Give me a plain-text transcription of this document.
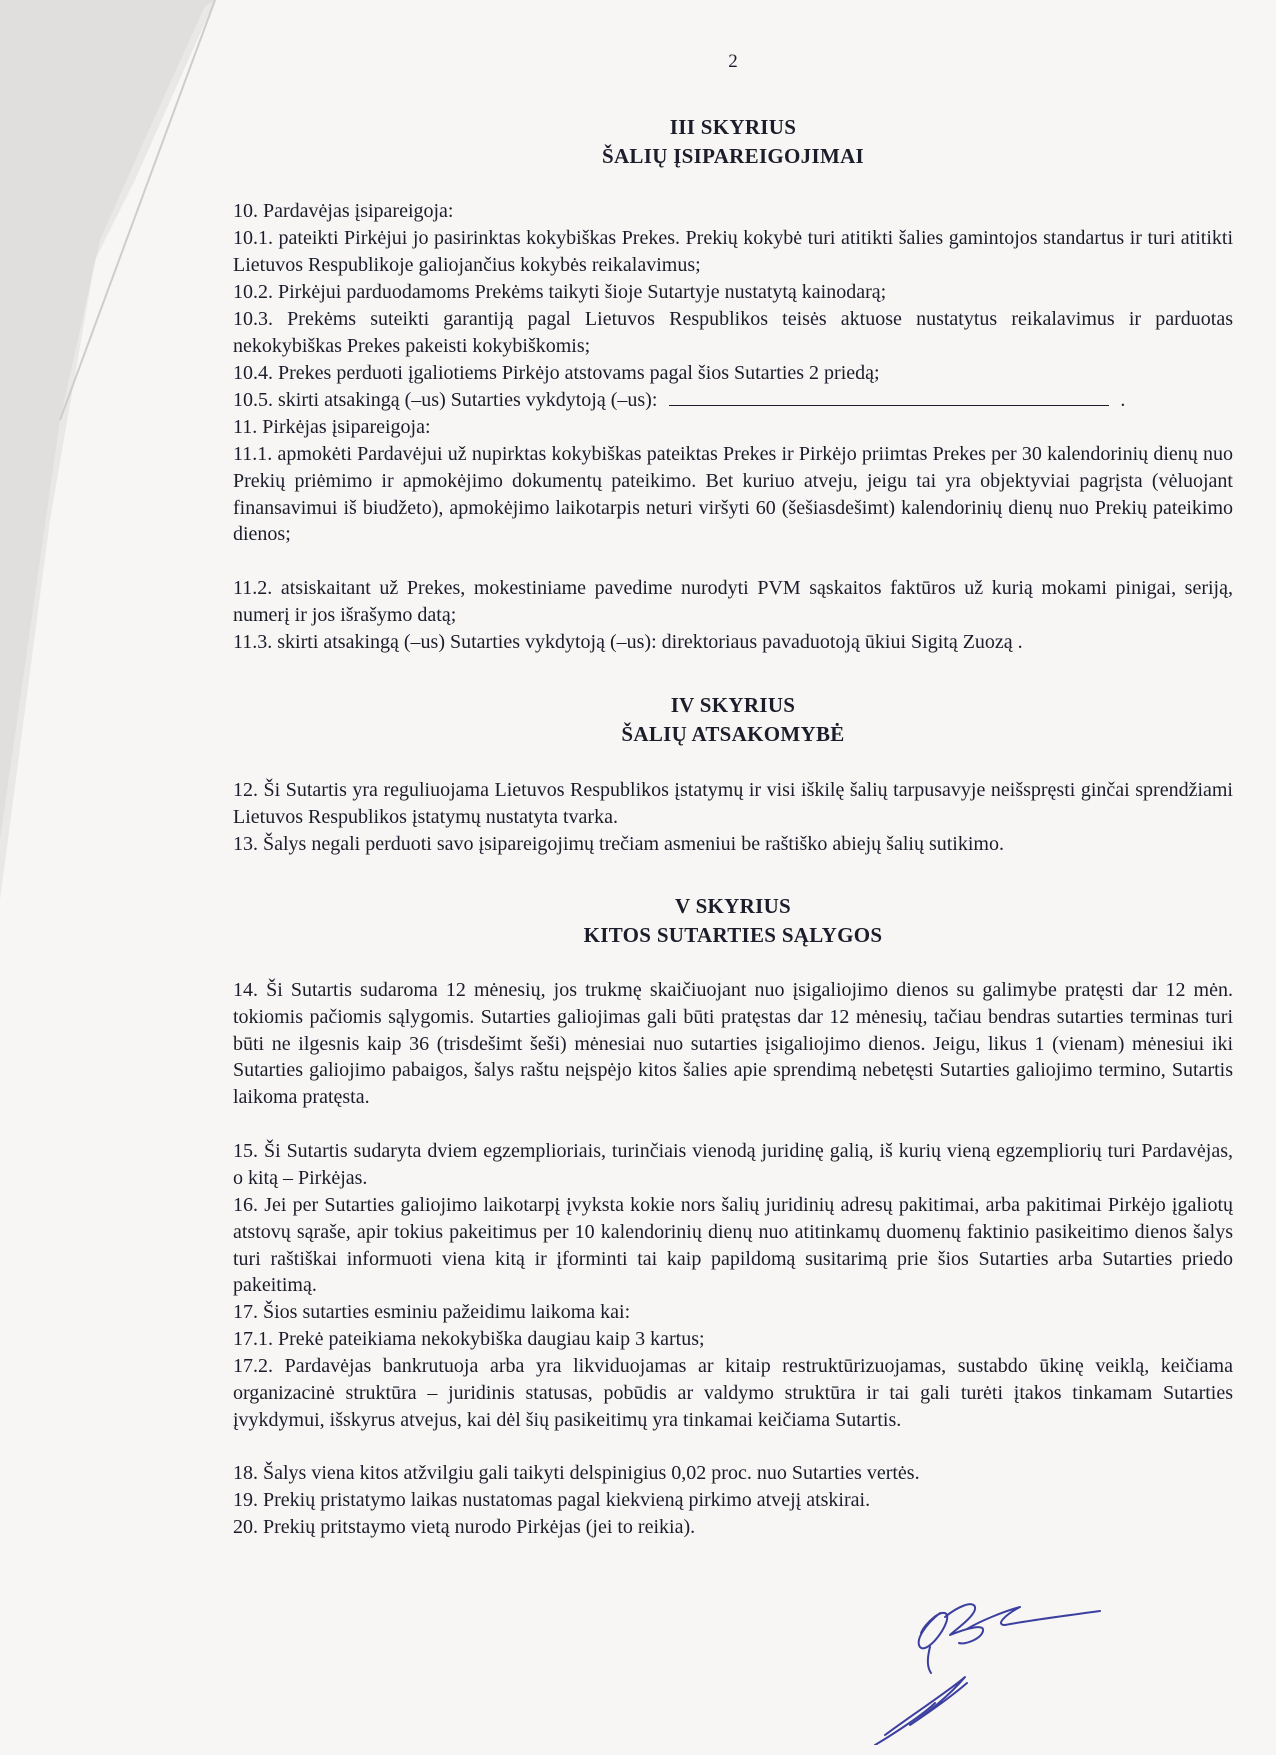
2
III SKYRIUS
ŠALIŲ ĮSIPAREIGOJIMAI
10. Pardavėjas įsipareigoja:
10.1. pateikti Pirkėjui jo pasirinktas kokybiškas Prekes. Prekių kokybė turi atitikti šalies gamintojos standartus ir turi atitikti Lietuvos Respublikoje galiojančius kokybės reikalavimus;
10.2. Pirkėjui parduodamoms Prekėms taikyti šioje Sutartyje nustatytą kainodarą;
10.3. Prekėms suteikti garantiją pagal Lietuvos Respublikos teisės aktuose nustatytus reikalavimus ir parduotas nekokybiškas Prekes pakeisti kokybiškomis;
10.4. Prekes perduoti įgaliotiems Pirkėjo atstovams pagal šios Sutarties 2 priedą;
10.5. skirti atsakingą (–us) Sutarties vykdytoją (–us):	.
11. Pirkėjas įsipareigoja:
11.1. apmokėti Pardavėjui už nupirktas kokybiškas pateiktas Prekes ir Pirkėjo priimtas Prekes per 30 kalendorinių dienų nuo Prekių priėmimo ir apmokėjimo dokumentų pateikimo. Bet kuriuo atveju, jeigu tai yra objektyviai pagrįsta (vėluojant finansavimui iš biudžeto), apmokėjimo laikotarpis neturi viršyti 60 (šešiasdešimt) kalendorinių dienų nuo Prekių pateikimo dienos;
11.2. atsiskaitant už Prekes, mokestiniame pavedime nurodyti PVM sąskaitos faktūros už kurią mokami pinigai, seriją, numerį ir jos išrašymo datą;
11.3. skirti atsakingą (–us) Sutarties vykdytoją (–us): direktoriaus pavaduotoją ūkiui Sigitą Zuozą .
IV SKYRIUS
ŠALIŲ ATSAKOMYBĖ
12. Ši Sutartis yra reguliuojama Lietuvos Respublikos įstatymų ir visi iškilę šalių tarpusavyje neišspręsti ginčai sprendžiami Lietuvos Respublikos įstatymų nustatyta tvarka.
13. Šalys negali perduoti savo įsipareigojimų trečiam asmeniui be raštiško abiejų šalių sutikimo.
V SKYRIUS
KITOS SUTARTIES SĄLYGOS
14. Ši Sutartis sudaroma 12 mėnesių, jos trukmę skaičiuojant nuo įsigaliojimo dienos su galimybe pratęsti dar 12 mėn. tokiomis pačiomis sąlygomis. Sutarties galiojimas gali būti pratęstas dar 12 mėnesių, tačiau bendras sutarties terminas turi būti ne ilgesnis kaip 36 (trisdešimt šeši) mėnesiai nuo sutarties įsigaliojimo dienos. Jeigu, likus 1 (vienam) mėnesiui iki Sutarties galiojimo pabaigos, šalys raštu neįspėjo kitos šalies apie sprendimą nebetęsti Sutarties galiojimo termino, Sutartis laikoma pratęsta.
15. Ši Sutartis sudaryta dviem egzemplioriais, turinčiais vienodą juridinę galią, iš kurių vieną egzempliorių turi Pardavėjas, o kitą – Pirkėjas.
16. Jei per Sutarties galiojimo laikotarpį įvyksta kokie nors šalių juridinių adresų pakitimai, arba pakitimai Pirkėjo įgaliotų atstovų sąraše, apir tokius pakeitimus per 10 kalendorinių dienų nuo atitinkamų duomenų faktinio pasikeitimo dienos šalys turi raštiškai informuoti viena kitą ir įforminti tai kaip papildomą susitarimą prie šios Sutarties arba Sutarties priedo pakeitimą.
17. Šios sutarties esminiu pažeidimu laikoma kai:
17.1. Prekė pateikiama nekokybiška daugiau kaip 3 kartus;
17.2. Pardavėjas bankrutuoja arba yra likviduojamas ar kitaip restruktūrizuojamas, sustabdo ūkinę veiklą, keičiama organizacinė struktūra – juridinis statusas, pobūdis ar valdymo struktūra ir tai gali turėti įtakos tinkamam Sutarties įvykdymui, išskyrus atvejus, kai dėl šių pasikeitimų yra tinkamai keičiama Sutartis.
18. Šalys viena kitos atžvilgiu gali taikyti delspinigius 0,02 proc. nuo Sutarties vertės.
19. Prekių pristatymo laikas nustatomas pagal kiekvieną pirkimo atvejį atskirai.
20. Prekių pritstaymo vietą nurodo Pirkėjas (jei to reikia).
